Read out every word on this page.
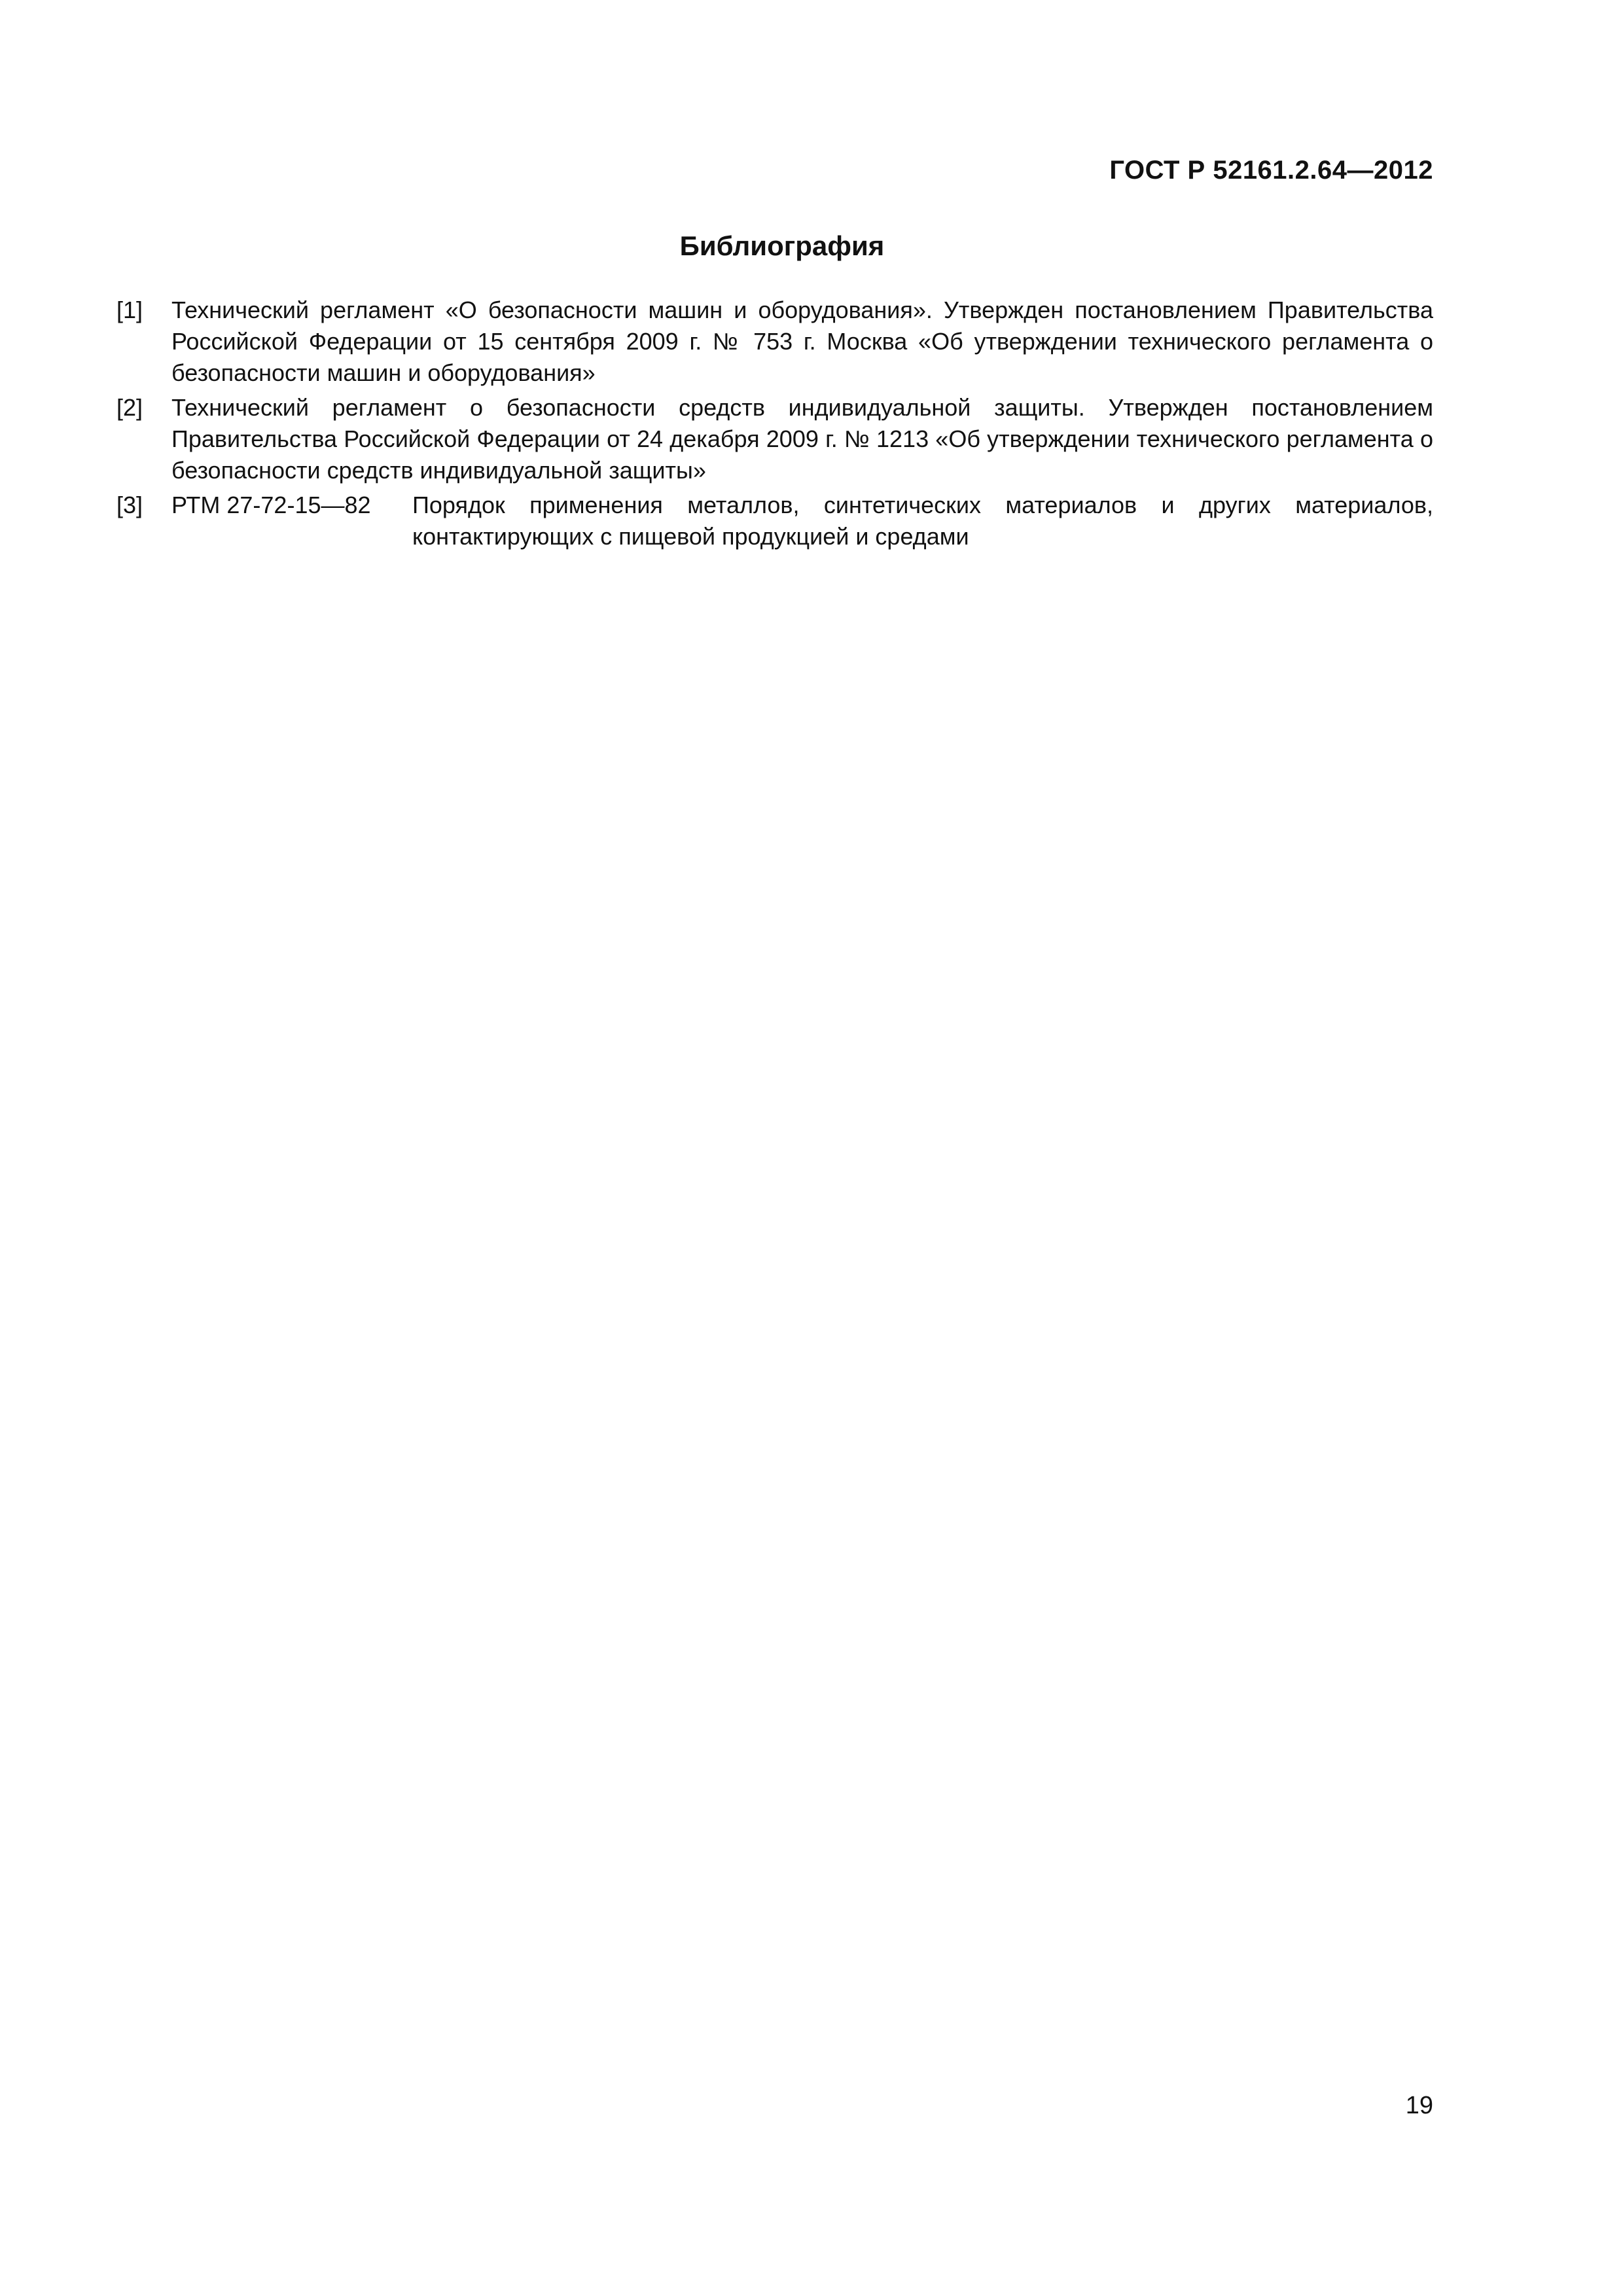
ГОСТ Р 52161.2.64—2012
Библиография
[1]	Технический регламент «О безопасности машин и оборудования». Утвержден постановлением Правительства Российской Федерации от 15 сентября 2009 г. № 753 г. Москва «Об утверждении технического регламента о безопасности машин и оборудования»
[2]	Технический регламент о безопасности средств индивидуальной защиты. Утвержден постановлением Правительства Российской Федерации от 24 декабря 2009 г. № 1213 «Об утверждении технического регламента о безопасности средств индивидуальной защиты»
[3]	РТМ 27-72-15—82	Порядок применения металлов, синтетических материалов и других материалов, контактирующих с пищевой продукцией и средами
19
